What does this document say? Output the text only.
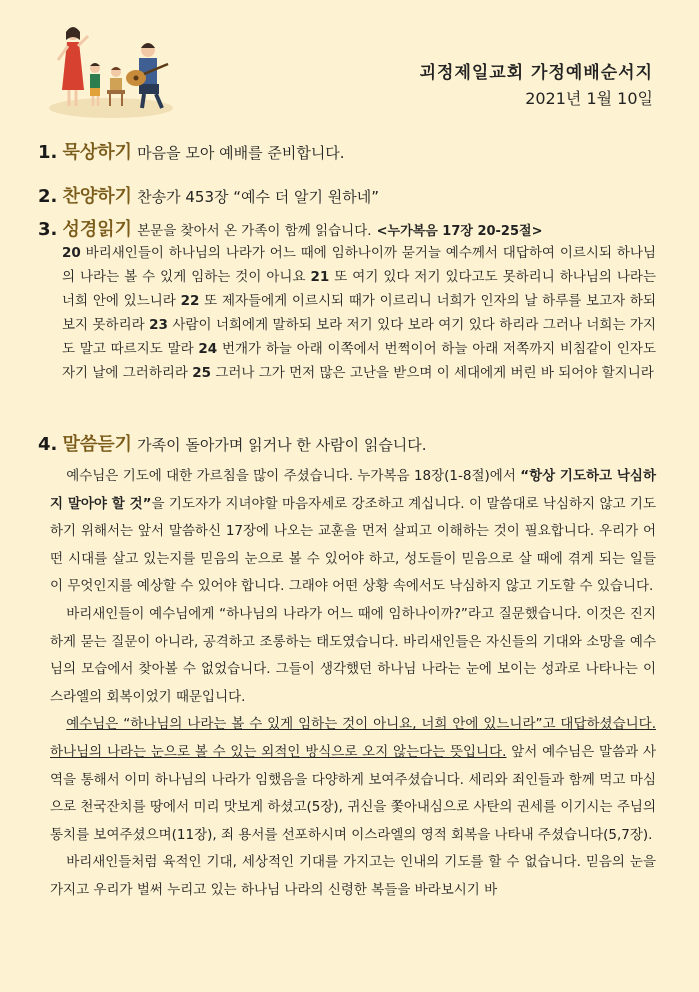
괴정제일교회 가정예배순서지
2021년 1월 10일
1. 묵상하기 마음을 모아 예배를 준비합니다.
2. 찬양하기 찬송가 453장 “예수 더 알기 원하네”
3. 성경읽기 본문을 찾아서 온 가족이 함께 읽습니다. <누가복음 17장 20-25절>
20 바리새인들이 하나님의 나라가 어느 때에 임하나이까 묻거늘 예수께서 대답하여 이르시되 하나님의 나라는 볼 수 있게 임하는 것이 아니요 21 또 여기 있다 저기 있다고도 못하리니 하나님의 나라는 너희 안에 있느니라 22 또 제자들에게 이르시되 때가 이르리니 너희가 인자의 날 하루를 보고자 하되 보지 못하리라 23 사람이 너희에게 말하되 보라 저기 있다 보라 여기 있다 하리라 그러나 너희는 가지도 말고 따르지도 말라 24 번개가 하늘 아래 이쪽에서 번쩍이어 하늘 아래 저쪽까지 비침같이 인자도 자기 날에 그러하리라 25 그러나 그가 먼저 많은 고난을 받으며 이 세대에게 버린 바 되어야 할지니라
4. 말씀듣기 가족이 돌아가며 읽거나 한 사람이 읽습니다.

예수님은 기도에 대한 가르침을 많이 주셨습니다. 누가복음 18장(1-8절)에서 “항상 기도하고 낙심하지 말아야 할 것”을 기도자가 지녀야할 마음자세로 강조하고 계십니다. 이 말씀대로 낙심하지 않고 기도하기 위해서는 앞서 말씀하신 17장에 나오는 교훈을 먼저 살피고 이해하는 것이 필요합니다. 우리가 어떤 시대를 살고 있는지를 믿음의 눈으로 볼 수 있어야 하고, 성도들이 믿음으로 살 때에 겪게 되는 일들이 무엇인지를 예상할 수 있어야 합니다. 그래야 어떤 상황 속에서도 낙심하지 않고 기도할 수 있습니다.

바리새인들이 예수님에게 “하나님의 나라가 어느 때에 임하나이까?”라고 질문했습니다. 이것은 진지하게 묻는 질문이 아니라, 공격하고 조롱하는 태도였습니다. 바리새인들은 자신들의 기대와 소망을 예수님의 모습에서 찾아볼 수 없었습니다. 그들이 생각했던 하나님 나라는 눈에 보이는 성과로 나타나는 이스라엘의 회복이었기 때문입니다.

예수님은 “하나님의 나라는 볼 수 있게 임하는 것이 아니요, 너희 안에 있느니라”고 대답하셨습니다. 하나님의 나라는 눈으로 볼 수 있는 외적인 방식으로 오지 않는다는 뜻입니다. 앞서 예수님은 말씀과 사역을 통해서 이미 하나님의 나라가 임했음을 다양하게 보여주셨습니다. 세리와 죄인들과 함께 먹고 마심으로 천국잔치를 땅에서 미리 맛보게 하셨고(5장), 귀신을 쫓아내심으로 사탄의 권세를 이기시는 주님의 통치를 보여주셨으며(11장), 죄 용서를 선포하시며 이스라엘의 영적 회복을 나타내 주셨습니다(5,7장).

바리새인들처럼 육적인 기대, 세상적인 기대를 가지고는 인내의 기도를 할 수 없습니다. 믿음의 눈을 가지고 우리가 벌써 누리고 있는 하나님 나라의 신령한 복들을 바라보시기 바
